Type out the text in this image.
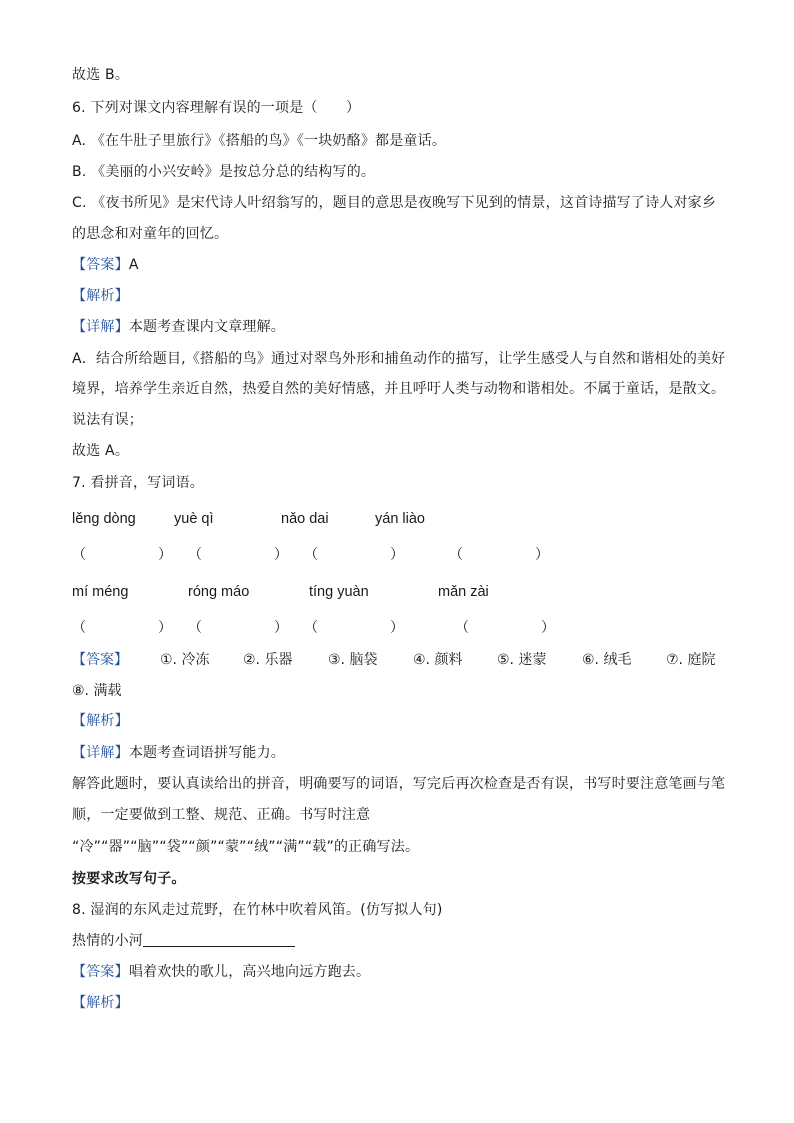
故选 B。
6. 下列对课文内容理解有误的一项是（　　）
A. 《在牛肚子里旅行》《搭船的鸟》《一块奶酪》都是童话。
B. 《美丽的小兴安岭》是按总分总的结构写的。
C. 《夜书所见》是宋代诗人叶绍翁写的，题目的意思是夜晚写下见到的情景，这首诗描写了诗人对家乡
的思念和对童年的回忆。
【答案】A
【解析】
【详解】本题考查课内文章理解。
A．结合所给题目,《搭船的鸟》通过对翠鸟外形和捕鱼动作的描写，让学生感受人与自然和谐相处的美好
境界，培养学生亲近自然，热爱自然的美好情感，并且呼吁人类与动物和谐相处。不属于童话，是散文。
说法有误；
故选 A。
7. 看拼音，写词语。
lěng dòng	yuè qì	nǎo dai	yán liào
（	） （	） （	）	（	）
mí méng	róng máo	tíng yuàn	mǎn zài
（	） （	） （	）	（	）
【答案】 ①. 冷冻 ②. 乐器	③. 脑袋	④. 颜料 ⑤. 迷蒙	⑥. 绒毛 ⑦. 庭院
⑧. 满载
【解析】
【详解】本题考查词语拼写能力。
解答此题时，要认真读给出的拼音，明确要写的词语，写完后再次检查是否有误，书写时要注意笔画与笔
顺，一定要做到工整、规范、正确。书写时注意
“冷”“器”“脑”“袋”“颜”“蒙”“绒”“满”“载”的正确写法。
按要求改写句子。
8. 湿润的东风走过荒野，在竹林中吹着风笛。(仿写拟人句)
热情的小河
【答案】唱着欢快的歌儿，高兴地向远方跑去。
【解析】
